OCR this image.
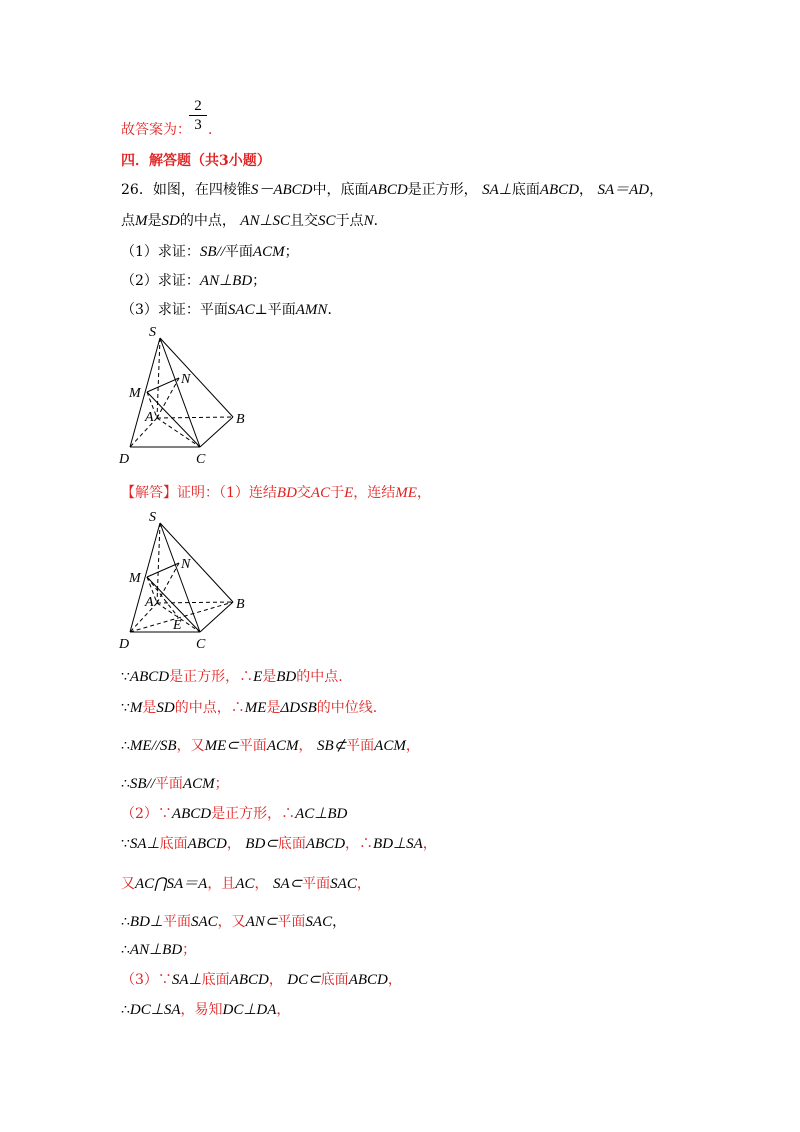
故答案为：
2
3 ．
四．解答题（共3小题）
26．如图，在四棱锥S－ABCD中，底面ABCD是正方形， SA⊥底面ABCD， SA＝AD，
点M是SD的中点， AN⊥SC且交SC于点N．
（1）求证：SB//平面ACM；
（2）求证：AN⊥BD；
（3）求证：平面SAC⊥平面AMN．
S
N
M
A	B
D	C
【解答】证明：（1）连结BD交AC于E，连结ME，
S
N
M
A	B
E
D	C
∵ABCD是正方形，∴E是BD的中点.
∵M是SD的中点，∴ME是ΔDSB的中位线.
∴ME//SB，又ME⊂平面ACM， SB⊄平面ACM，
∴SB//平面ACM；
（2）∵ABCD是正方形，∴AC⊥BD
∵SA⊥底面ABCD， BD⊂底面ABCD，∴BD⊥SA，
又AC⋂SA＝A，且AC， SA⊂平面SAC，
∴BD⊥平面SAC，又AN⊂平面SAC，
∴AN⊥BD；
（3）∵SA⊥底面ABCD， DC⊂底面ABCD，
∴DC⊥SA，易知DC⊥DA，
